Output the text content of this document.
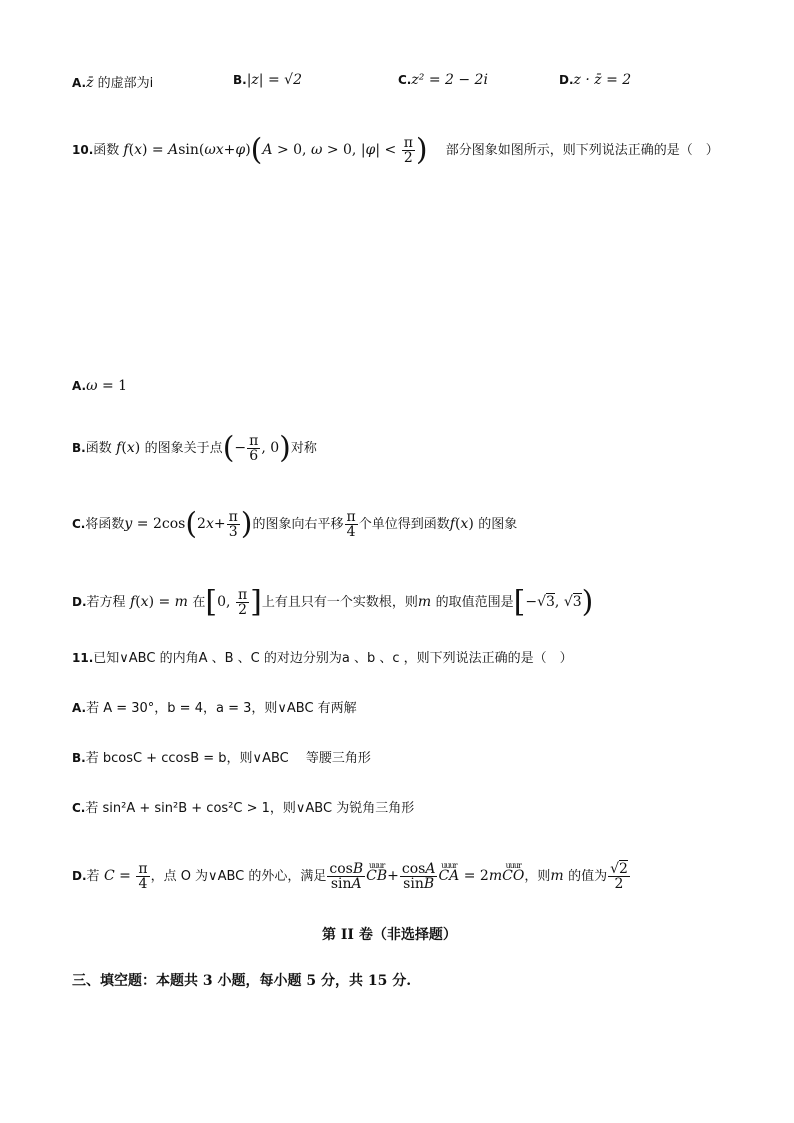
A.z̄ 的虚部为i	B.|z| = √2	C.z² = 2 − 2i	D.z · z̄ = 2
10.函数 f(x) = Asin(ωx+φ)(A > 0, ω > 0, $|\varphi| < \frac{\pi}{2}$ ) 部分图象如图所示，则下列说法正确的是（　）
A.ω = 1
B.函数 f(x) 的图象关于点(− $\frac{\pi}{6}$ , 0)对称
C.将函数$y = 2\cos(2x+ \frac{\pi}{3}$ )的图象向右平移 $\frac{\pi}{4}$ 个单位得到函数f(x) 的图象
D.若方程 f(x) = m 在[0, $\frac{\pi}{2}$ ]上有且只有一个实数根，则m 的取值范围是[−√3, √3)
11.已知∨ABC 的内角A 、B 、C 的对边分别为a 、b 、c ，则下列说法正确的是（　）
A.若 A = 30°，b = 4，a = 3，则∨ABC 有两解
B.若 bcosC + ccosB = b，则∨ABC　 等腰三角形
C.若 sin²A + sin²B + cos²C > 1，则∨ABC 为锐角三角形
D.若 $C = \frac{\pi}{4}$ ，点 O 为∨ABC 的外心，满足 $\frac{\cos B}{\sin A}$ uuur
$CB+ \frac{\cos A}{\sin B}$ uuur
CA = 2m
uuur
CO，则m 的值为 $\frac{√2}{2}$
第 II 卷（非选择题）
三、填空题：本题共 3 小题，每小题 5 分，共 15 分.
